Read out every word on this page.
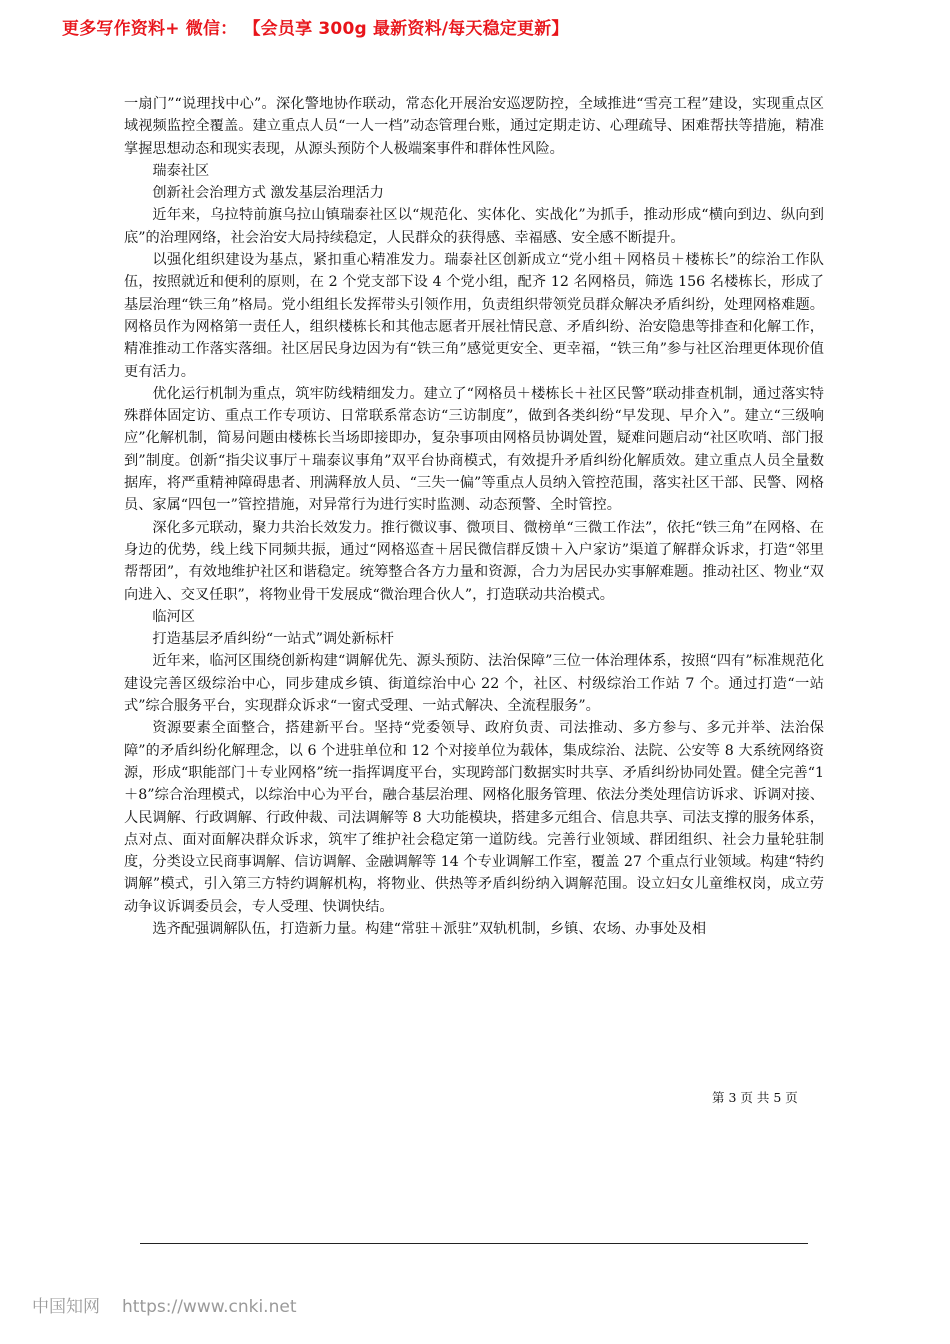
更多写作资料+ 微信： 【会员享 300g 最新资料/每天稳定更新】

一扇门”“说理找中心”。深化警地协作联动，常态化开展治安巡逻防控，全域推进“雪亮工程”建设，实现重点区域视频监控全覆盖。建立重点人员“一人一档”动态管理台账，通过定期走访、心理疏导、困难帮扶等措施，精准掌握思想动态和现实表现，从源头预防个人极端案事件和群体性风险。

瑞泰社区

创新社会治理方式 激发基层治理活力

近年来，乌拉特前旗乌拉山镇瑞泰社区以“规范化、实体化、实战化”为抓手，推动形成“横向到边、纵向到底”的治理网络，社会治安大局持续稳定，人民群众的获得感、幸福感、安全感不断提升。

以强化组织建设为基点，紧扣重心精准发力。瑞泰社区创新成立“党小组＋网格员＋楼栋长”的综治工作队伍，按照就近和便利的原则，在 2 个党支部下设 4 个党小组，配齐 12 名网格员，筛选 156 名楼栋长，形成了基层治理“铁三角”格局。党小组组长发挥带头引领作用，负责组织带领党员群众解决矛盾纠纷，处理网格难题。网格员作为网格第一责任人，组织楼栋长和其他志愿者开展社情民意、矛盾纠纷、治安隐患等排查和化解工作，精准推动工作落实落细。社区居民身边因为有“铁三角”感觉更安全、更幸福，“铁三角”参与社区治理更体现价值更有活力。

优化运行机制为重点，筑牢防线精细发力。建立了“网格员＋楼栋长＋社区民警”联动排查机制，通过落实特殊群体固定访、重点工作专项访、日常联系常态访“三访制度”，做到各类纠纷“早发现、早介入”。建立“三级响应”化解机制，简易问题由楼栋长当场即接即办，复杂事项由网格员协调处置，疑难问题启动“社区吹哨、部门报到”制度。创新“指尖议事厅＋瑞泰议事角”双平台协商模式，有效提升矛盾纠纷化解质效。建立重点人员全量数据库，将严重精神障碍患者、刑满释放人员、“三失一偏”等重点人员纳入管控范围，落实社区干部、民警、网格员、家属“四包一”管控措施，对异常行为进行实时监测、动态预警、全时管控。

深化多元联动，聚力共治长效发力。推行微议事、微项目、微榜单“三微工作法”，依托“铁三角”在网格、在身边的优势，线上线下同频共振，通过“网格巡查＋居民微信群反馈＋入户家访”渠道了解群众诉求，打造“邻里帮帮团”，有效地维护社区和谐稳定。统筹整合各方力量和资源，合力为居民办实事解难题。推动社区、物业“双向进入、交叉任职”，将物业骨干发展成“微治理合伙人”，打造联动共治模式。

临河区

打造基层矛盾纠纷“一站式”调处新标杆

近年来，临河区围绕创新构建“调解优先、源头预防、法治保障”三位一体治理体系，按照“四有”标准规范化建设完善区级综治中心，同步建成乡镇、街道综治中心 22 个，社区、村级综治工作站 7 个。通过打造“一站式”综合服务平台，实现群众诉求“一窗式受理、一站式解决、全流程服务”。

资源要素全面整合，搭建新平台。坚持“党委领导、政府负责、司法推动、多方参与、多元并举、法治保障”的矛盾纠纷化解理念，以 6 个进驻单位和 12 个对接单位为载体，集成综治、法院、公安等 8 大系统网络资源，形成“职能部门＋专业网格”统一指挥调度平台，实现跨部门数据实时共享、矛盾纠纷协同处置。健全完善“1＋8”综合治理模式，以综治中心为平台，融合基层治理、网格化服务管理、依法分类处理信访诉求、诉调对接、人民调解、行政调解、行政仲裁、司法调解等 8 大功能模块，搭建多元组合、信息共享、司法支撑的服务体系，点对点、面对面解决群众诉求，筑牢了维护社会稳定第一道防线。完善行业领域、群团组织、社会力量轮驻制度，分类设立民商事调解、信访调解、金融调解等 14 个专业调解工作室，覆盖 27 个重点行业领域。构建“特约调解”模式，引入第三方特约调解机构，将物业、供热等矛盾纠纷纳入调解范围。设立妇女儿童维权岗，成立劳动争议诉调委员会，专人受理、快调快结。

选齐配强调解队伍，打造新力量。构建“常驻＋派驻”双轨机制，乡镇、农场、办事处及相

第 3 页 共 5 页
中国知网 https://www.cnki.net
